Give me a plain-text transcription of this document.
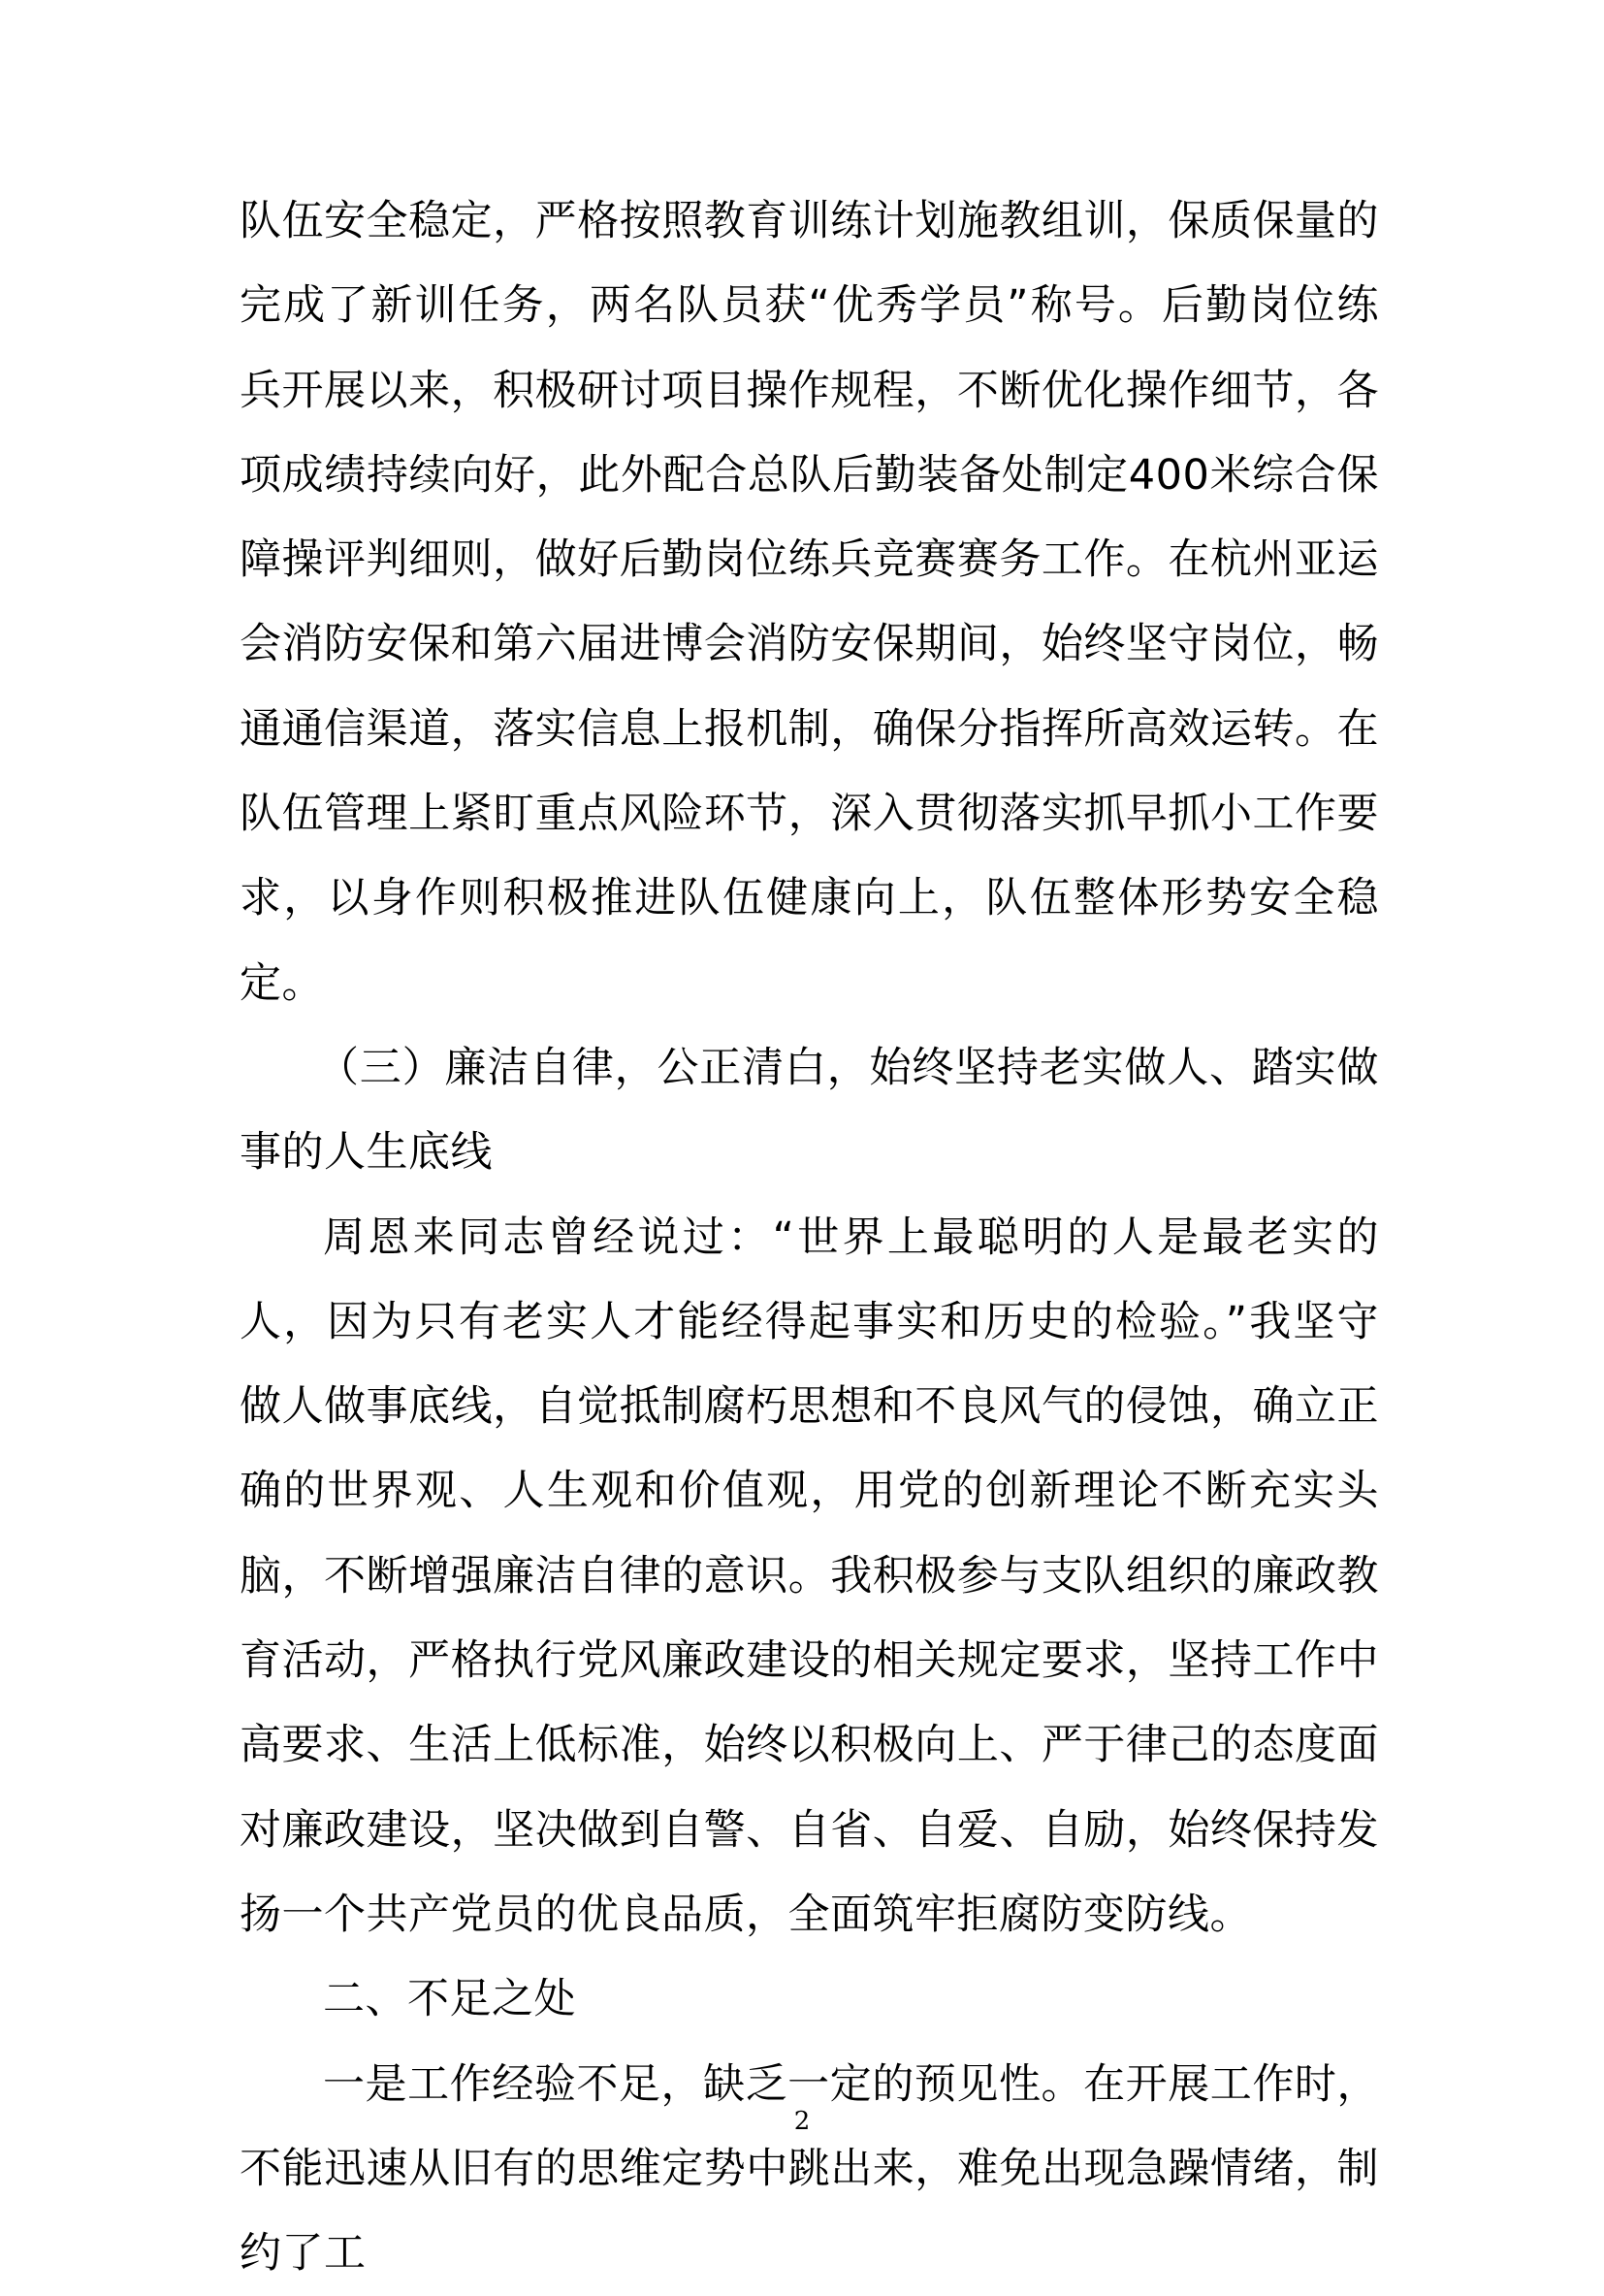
队伍安全稳定，严格按照教育训练计划施教组训，保质保量的完成了新训任务，两名队员获“优秀学员”称号。后勤岗位练兵开展以来，积极研讨项目操作规程，不断优化操作细节，各项成绩持续向好，此外配合总队后勤装备处制定400米综合保障操评判细则，做好后勤岗位练兵竞赛赛务工作。在杭州亚运会消防安保和第六届进博会消防安保期间，始终坚守岗位，畅通通信渠道，落实信息上报机制，确保分指挥所高效运转。在队伍管理上紧盯重点风险环节，深入贯彻落实抓早抓小工作要求，以身作则积极推进队伍健康向上，队伍整体形势安全稳定。

（三）廉洁自律，公正清白，始终坚持老实做人、踏实做事的人生底线

周恩来同志曾经说过：“世界上最聪明的人是最老实的人，因为只有老实人才能经得起事实和历史的检验。”我坚守做人做事底线，自觉抵制腐朽思想和不良风气的侵蚀，确立正确的世界观、人生观和价值观，用党的创新理论不断充实头脑，不断增强廉洁自律的意识。我积极参与支队组织的廉政教育活动，严格执行党风廉政建设的相关规定要求，坚持工作中高要求、生活上低标准，始终以积极向上、严于律己的态度面对廉政建设，坚决做到自警、自省、自爱、自励，始终保持发扬一个共产党员的优良品质，全面筑牢拒腐防变防线。

二、不足之处

一是工作经验不足，缺乏一定的预见性。在开展工作时，不能迅速从旧有的思维定势中跳出来，难免出现急躁情绪，制约了工

2
